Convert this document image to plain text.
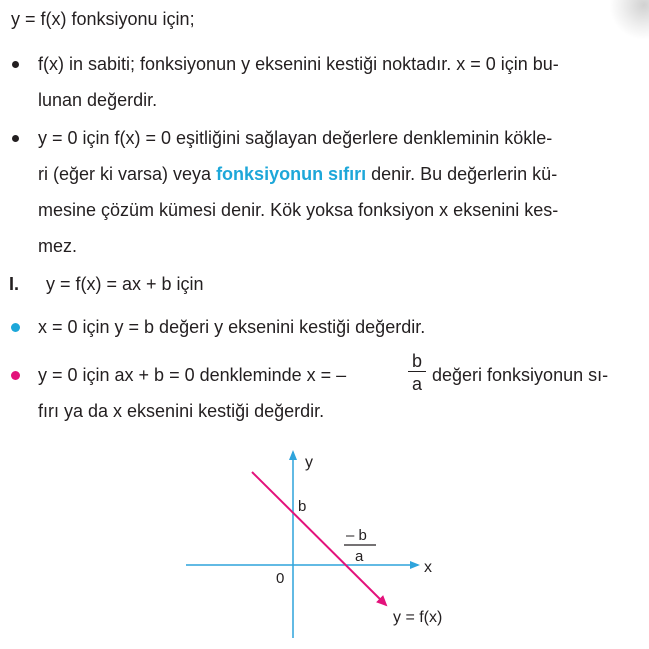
y = f(x) fonksiyonu için;
f(x) in sabiti; fonksiyonun y eksenini kestiği noktadır. x = 0 için bu-
lunan değerdir.
y = 0 için f(x) = 0 eşitliğini sağlayan değerlere denkleminin kökle-
ri (eğer ki varsa) veya fonksiyonun sıfırı denir. Bu değerlerin kü-
mesine çözüm kümesi denir. Kök yoksa fonksiyon x eksenini kes-
mez.
I. y = f(x) = ax + b için
x = 0 için y = b değeri y eksenini kestiği değerdir.
y = 0 için ax + b = 0 denkleminde x = –
b
a değeri fonksiyonun sı-
fırı ya da x eksenini kestiği değerdir.
y
x
0
b
– b
a
y = f(x)
